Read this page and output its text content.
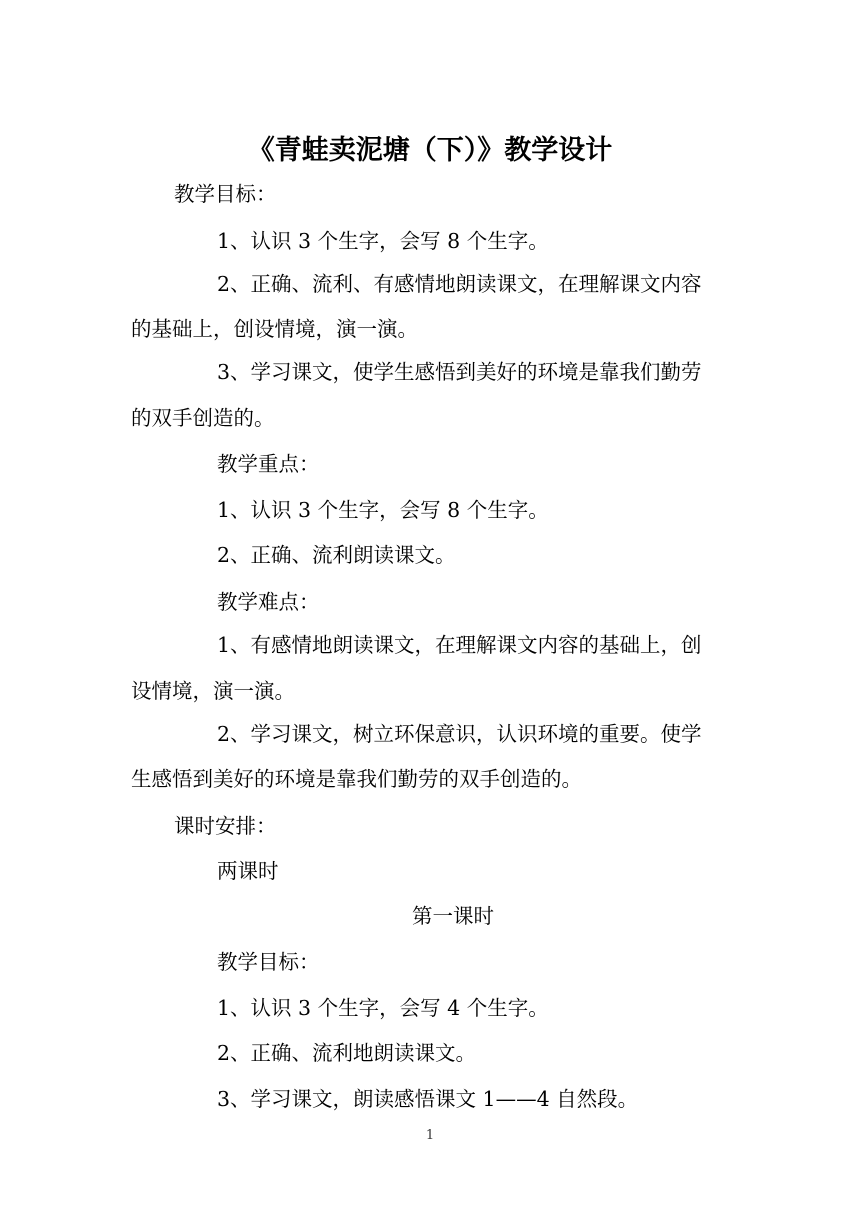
《青蛙卖泥塘（下）》教学设计
教学目标：
1、认识 3 个生字，会写 8 个生字。
2、正确、流利、有感情地朗读课文，在理解课文内容
的基础上，创设情境，演一演。
3、学习课文，使学生感悟到美好的环境是靠我们勤劳
的双手创造的。
教学重点：
1、认识 3 个生字，会写 8 个生字。
2、正确、流利朗读课文。
教学难点：
1、有感情地朗读课文，在理解课文内容的基础上，创
设情境，演一演。
2、学习课文，树立环保意识，认识环境的重要。使学
生感悟到美好的环境是靠我们勤劳的双手创造的。
课时安排：
两课时
第一课时
教学目标：
1、认识 3 个生字，会写 4 个生字。
2、正确、流利地朗读课文。
3、学习课文，朗读感悟课文 1——4 自然段。
1
